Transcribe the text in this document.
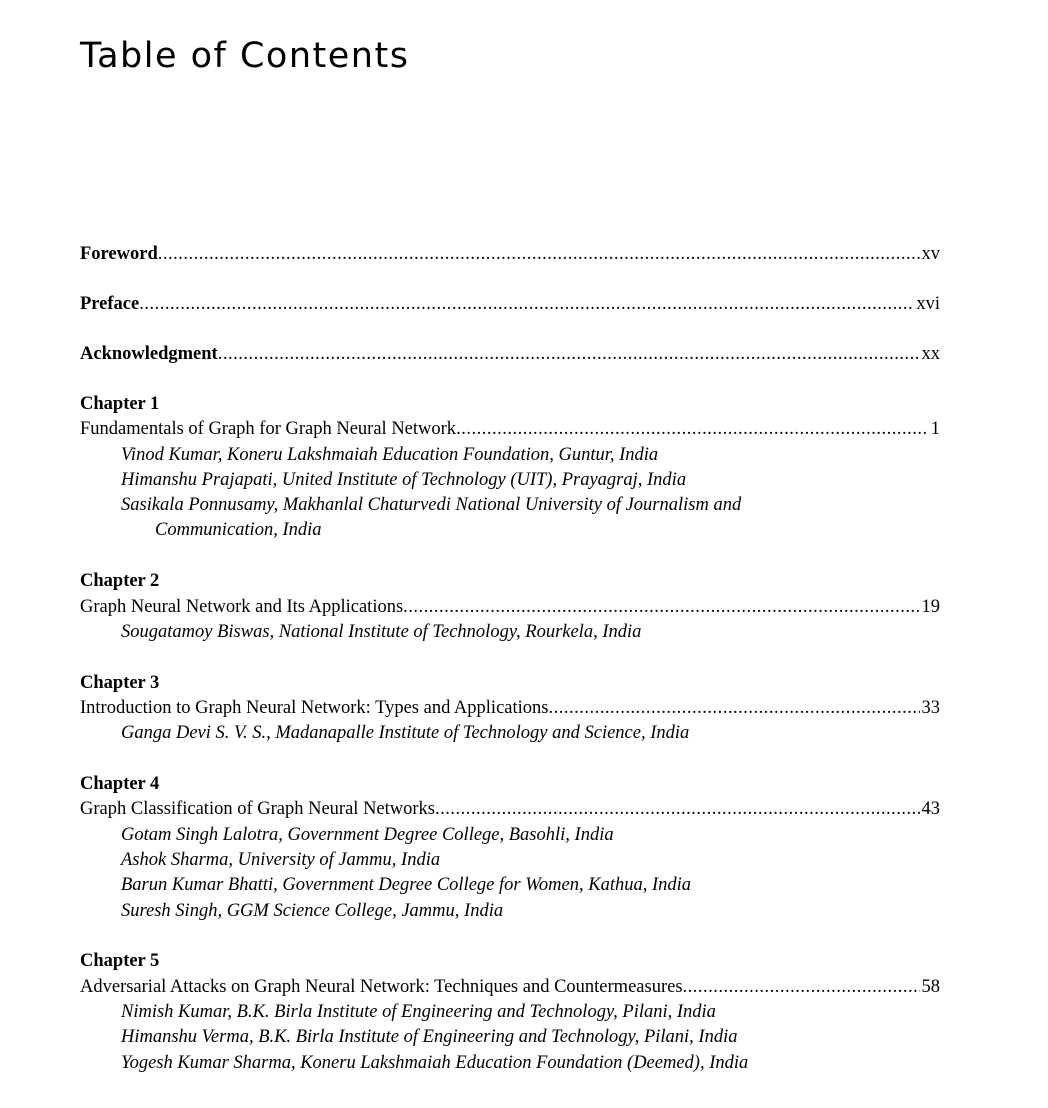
Table of Contents
Foreword .....	xv
Preface .....	xvi
Acknowledgment .....	xx
Chapter 1
Fundamentals of Graph for Graph Neural Network .....	1
Vinod Kumar, Koneru Lakshmaiah Education Foundation, Guntur, India
Himanshu Prajapati, United Institute of Technology (UIT), Prayagraj, India
Sasikala Ponnusamy, Makhanlal Chaturvedi National University of Journalism and
Communication, India
Chapter 2
Graph Neural Network and Its Applications .....	19
Sougatamoy Biswas, National Institute of Technology, Rourkela, India
Chapter 3
Introduction to Graph Neural Network: Types and Applications .....	33
Ganga Devi S. V. S., Madanapalle Institute of Technology and Science, India
Chapter 4
Graph Classification of Graph Neural Networks .....	43
Gotam Singh Lalotra, Government Degree College, Basohli, India
Ashok Sharma, University of Jammu, India
Barun Kumar Bhatti, Government Degree College for Women, Kathua, India
Suresh Singh, GGM Science College, Jammu, India
Chapter 5
Adversarial Attacks on Graph Neural Network: Techniques and Countermeasures .....	58
Nimish Kumar, B.K. Birla Institute of Engineering and Technology, Pilani, India
Himanshu Verma, B.K. Birla Institute of Engineering and Technology, Pilani, India
Yogesh Kumar Sharma, Koneru Lakshmaiah Education Foundation (Deemed), India
